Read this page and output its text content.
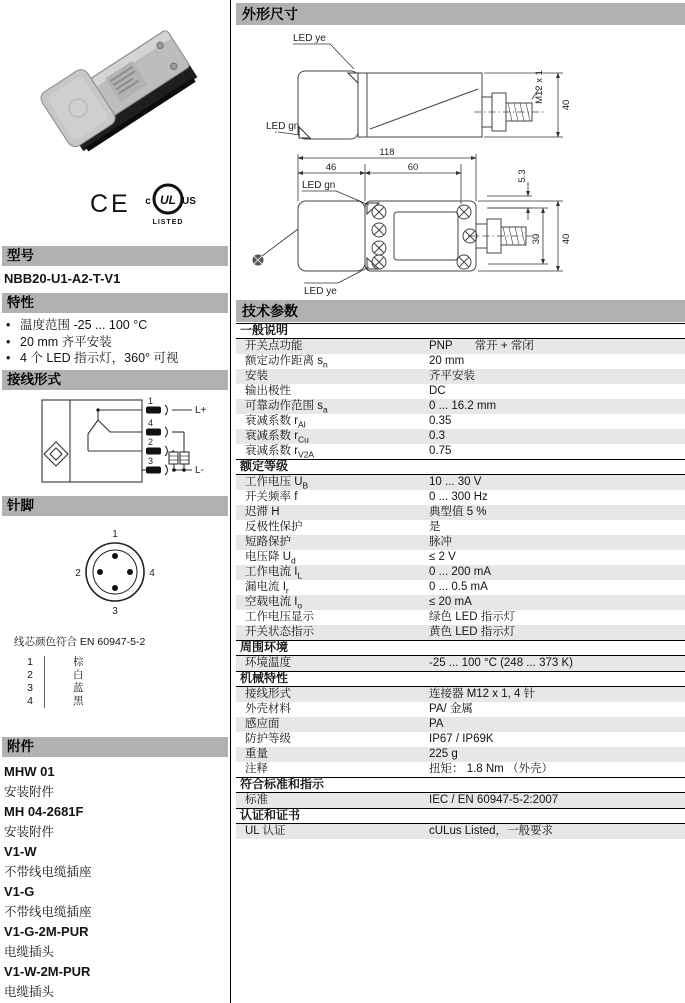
CE UL
c	US
LISTED
型号
NBB20-U1-A2-T-V1
特性
• 温度范围 -25 ... 100 °C
• 20 mm 齐平安装
• 4 个 LED 指示灯，360° 可视
接线形式
1
4
2
3
L+
L-
针脚
1
2	4
3
线芯颜色符合 EN 60947-5-2
1	棕
2	白
3	蓝
4	黑
附件
MHW 01
安装附件
MH 04-2681F
安装附件
V1-W
不带线电缆插座
V1-G
不带线电缆插座
V1-G-2M-PUR
电缆插头
V1-W-2M-PUR
电缆插头
外形尺寸
LED ye
LED gn
M12 x 1
40
118
46	60
5.3
30 40
LED gn
LED ye
技术参数
一般说明
开关点功能	PNP 常开 + 常闭
额定动作距离 $s_n$	20 mm
安装	齐平安装
输出极性	DC
可靠动作范围 $s_a$	0 ... 16.2 mm
衰减系数 $r_{Al}$	0.35
衰减系数 $r_{Cu}$	0.3
衰减系数 $r_{V2A}$	0.75
额定等级
工作电压 $U_B$	10 ... 30 V
开关频率 f	0 ... 300 Hz
迟滞 H	典型值 5 %
反极性保护	是
短路保护	脉冲
电压降 $U_d$	≤ 2 V
工作电流 $I_L$	0 ... 200 mA
漏电流 $I_r$	0 ... 0.5 mA
空载电流 $I_o$	≤ 20 mA
工作电压显示	绿色 LED 指示灯
开关状态指示	黄色 LED 指示灯
周围环境
环境温度	-25 ... 100 °C (248 ... 373 K)
机械特性
接线形式	连接器 M12 x 1, 4 针
外壳材料	PA/ 金属
感应面	PA
防护等级	IP67 / IP69K
重量	225 g
注释	扭矩： 1.8 Nm （外壳）
符合标准和指示
标准	IEC / EN 60947-5-2:2007
认证和证书
UL 认证	cULus Listed，一般要求
